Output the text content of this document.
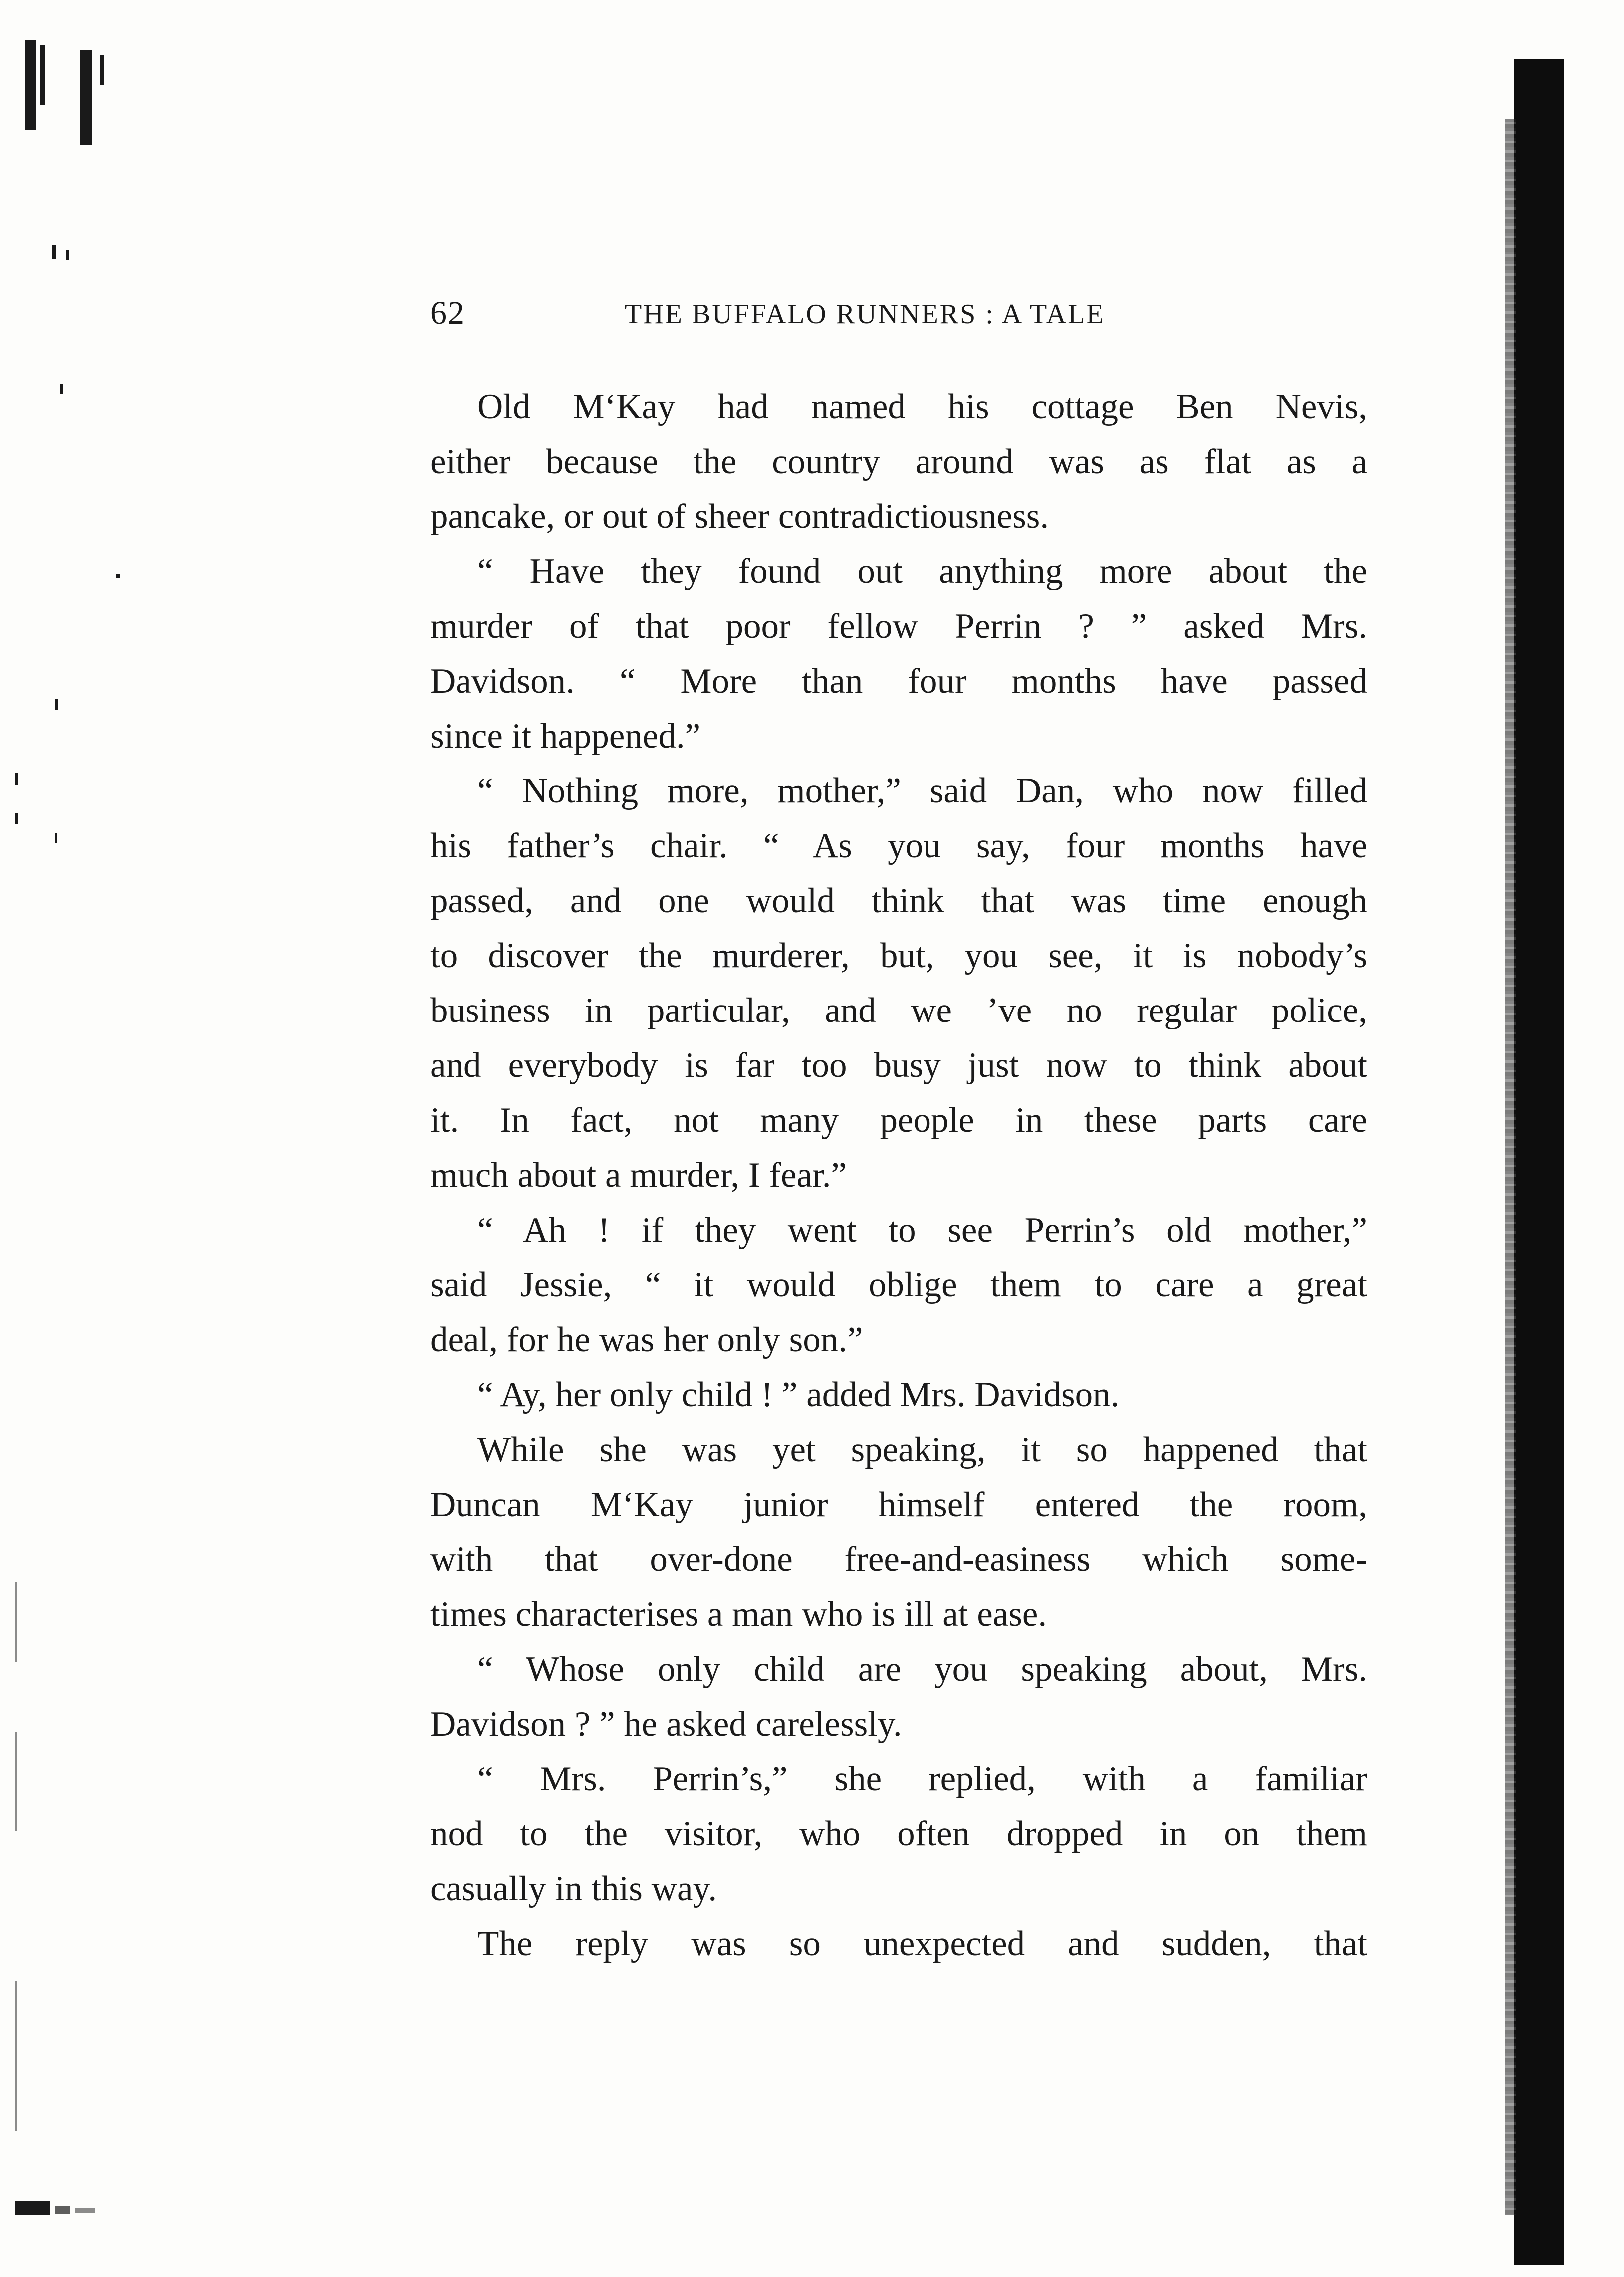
62	THE BUFFALO RUNNERS : A TALE
Old M‘Kay had named his cottage Ben Nevis,
either because the country around was as flat as a
pancake, or out of sheer contradictiousness.
“ Have they found out anything more about the
murder of that poor fellow Perrin ? ” asked Mrs.
Davidson. “ More than four months have passed
since it happened.”
“ Nothing more, mother,” said Dan, who now filled
his father’s chair. “ As you say, four months have
passed, and one would think that was time enough
to discover the murderer, but, you see, it is nobody’s
business in particular, and we ’ve no regular police,
and everybody is far too busy just now to think about
it. In fact, not many people in these parts care
much about a murder, I fear.”
“ Ah ! if they went to see Perrin’s old mother,”
said Jessie, “ it would oblige them to care a great
deal, for he was her only son.”
“ Ay, her only child ! ” added Mrs. Davidson.
While she was yet speaking, it so happened that
Duncan M‘Kay junior himself entered the room,
with that over-done free-and-easiness which some-
times characterises a man who is ill at ease.
“ Whose only child are you speaking about, Mrs.
Davidson ? ” he asked carelessly.
“ Mrs. Perrin’s,” she replied, with a familiar
nod to the visitor, who often dropped in on them
casually in this way.
The reply was so unexpected and sudden, that
